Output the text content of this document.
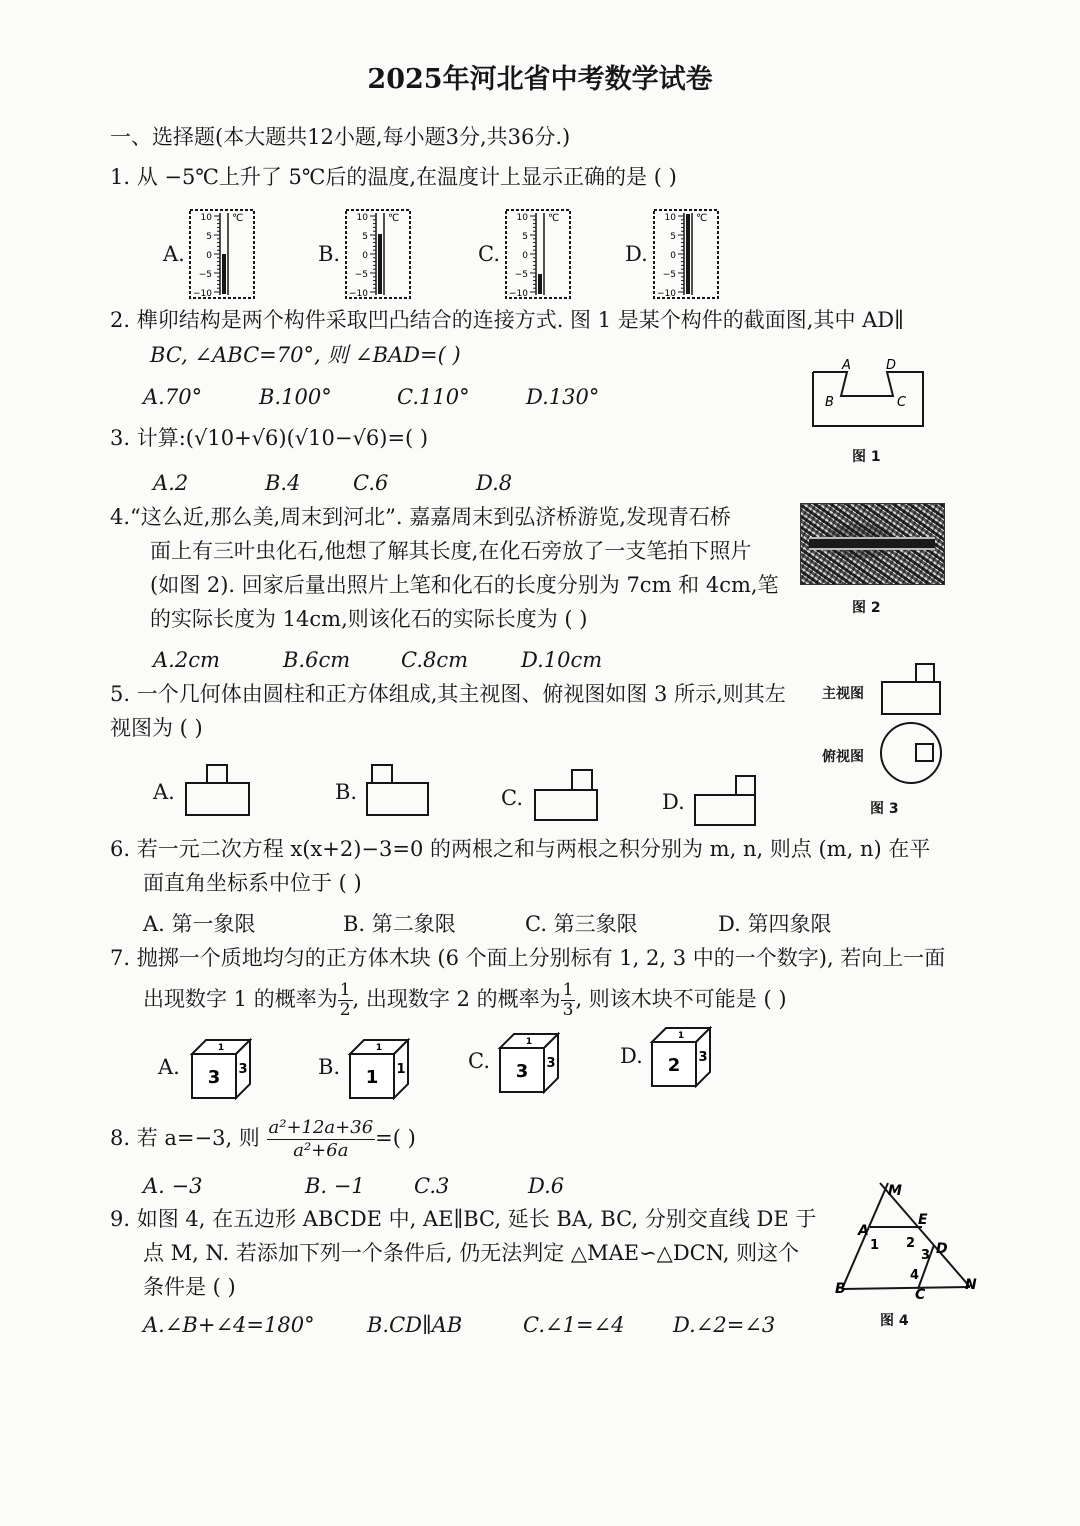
2025年河北省中考数学试卷
一、选择题(本大题共12小题,每小题3分,共36分.)
1. 从 −5℃上升了 5℃后的温度,在温度计上显示正确的是 ( )
A.	B.	C.	D.
10
5
0
−5
−10
℃	10
5
0
−5
−10
℃	10
5
0
−5
−10
℃	10
5
0
−5
−10
℃
2. 榫卯结构是两个构件采取凹凸结合的连接方式. 图 1 是某个构件的截面图,其中 AD∥
BC, ∠ABC=70°, 则 ∠BAD=( )
A.70°	B.100°	C.110°	D.130°
A	D
B	C
图 1
3. 计算:(√10+√6)(√10−√6)=( )
A.2	B.4	C.6	D.8
4.“这么近,那么美,周末到河北”. 嘉嘉周末到弘济桥游览,发现青石桥
面上有三叶虫化石,他想了解其长度,在化石旁放了一支笔拍下照片
(如图 2). 回家后量出照片上笔和化石的长度分别为 7cm 和 4cm,笔
的实际长度为 14cm,则该化石的实际长度为 ( )	图 2
A.2cm	B.6cm C.8cm	D.10cm
5. 一个几何体由圆柱和正方体组成,其主视图、俯视图如图 3 所示,则其左
视图为 ( )
主视图
俯视图
图 3
A.	B.	C.	D.
6. 若一元二次方程 x(x+2)−3=0 的两根之和与两根之积分别为 m, n, 则点 (m, n) 在平
面直角坐标系中位于 ( )
A. 第一象限	B. 第二象限	C. 第三象限	D. 第四象限
7. 抛掷一个质地均匀的正方体木块 (6 个面上分别标有 1, 2, 3 中的一个数字), 若向上一面
出现数字 1 的概率为 $\frac{1}{2}$ , 出现数字 2 的概率为 $\frac{1}{3}$ , 则该木块不可能是 ( )
A.	B.	C.	D.
3
1
3	1
1
1	3
1
3	2
1
3
8. 若 a=−3, 则 $\frac{\text{a²+12a+36}}{\text{a²+6a}}$ =( )
A. −3	B. −1 C.3	D.6
9. 如图 4, 在五边形 ABCDE 中, AE∥BC, 延长 BA, BC, 分别交直线 DE 于
点 M, N. 若添加下列一个条件后, 仍无法判定 △MAE∽△DCN, 则这个
条件是 ( )
A.∠B+∠4=180° B.CD∥AB	C.∠1=∠4 D.∠2=∠3
M
A
E
D
B	C
N
1 2
3
4
图 4
